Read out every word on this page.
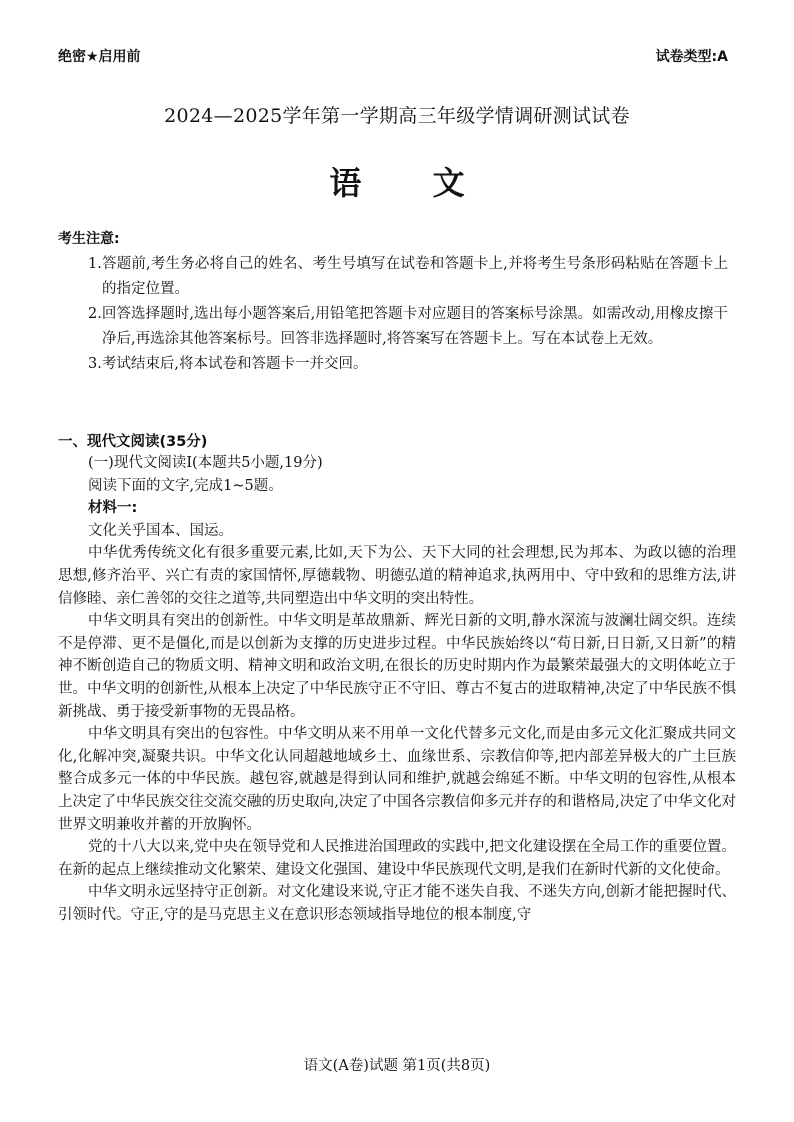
绝密★启用前	试卷类型:A
2024—2025学年第一学期高三年级学情调研测试试卷
语 文
考生注意:
1.答题前,考生务必将自己的姓名、考生号填写在试卷和答题卡上,并将考生号条形码粘贴在答题卡上的指定位置。
2.回答选择题时,选出每小题答案后,用铅笔把答题卡对应题目的答案标号涂黑。如需改动,用橡皮擦干净后,再选涂其他答案标号。回答非选择题时,将答案写在答题卡上。写在本试卷上无效。
3.考试结束后,将本试卷和答题卡一并交回。
一、现代文阅读(35分)
(一)现代文阅读Ⅰ(本题共5小题,19分)
阅读下面的文字,完成1~5题。
材料一:
文化关乎国本、国运。

中华优秀传统文化有很多重要元素,比如,天下为公、天下大同的社会理想,民为邦本、为政以德的治理思想,修齐治平、兴亡有责的家国情怀,厚德载物、明德弘道的精神追求,执两用中、守中致和的思维方法,讲信修睦、亲仁善邻的交往之道等,共同塑造出中华文明的突出特性。

中华文明具有突出的创新性。中华文明是革故鼎新、辉光日新的文明,静水深流与波澜壮阔交织。连续不是停滞、更不是僵化,而是以创新为支撑的历史进步过程。中华民族始终以“苟日新,日日新,又日新”的精神不断创造自己的物质文明、精神文明和政治文明,在很长的历史时期内作为最繁荣最强大的文明体屹立于世。中华文明的创新性,从根本上决定了中华民族守正不守旧、尊古不复古的进取精神,决定了中华民族不惧新挑战、勇于接受新事物的无畏品格。

中华文明具有突出的包容性。中华文明从来不用单一文化代替多元文化,而是由多元文化汇聚成共同文化,化解冲突,凝聚共识。中华文化认同超越地域乡土、血缘世系、宗教信仰等,把内部差异极大的广土巨族整合成多元一体的中华民族。越包容,就越是得到认同和维护,就越会绵延不断。中华文明的包容性,从根本上决定了中华民族交往交流交融的历史取向,决定了中国各宗教信仰多元并存的和谐格局,决定了中华文化对世界文明兼收并蓄的开放胸怀。

党的十八大以来,党中央在领导党和人民推进治国理政的实践中,把文化建设摆在全局工作的重要位置。在新的起点上继续推动文化繁荣、建设文化强国、建设中华民族现代文明,是我们在新时代新的文化使命。

中华文明永远坚持守正创新。对文化建设来说,守正才能不迷失自我、不迷失方向,创新才能把握时代、引领时代。守正,守的是马克思主义在意识形态领域指导地位的根本制度,守

语文(A卷)试题 第1页(共8页)
